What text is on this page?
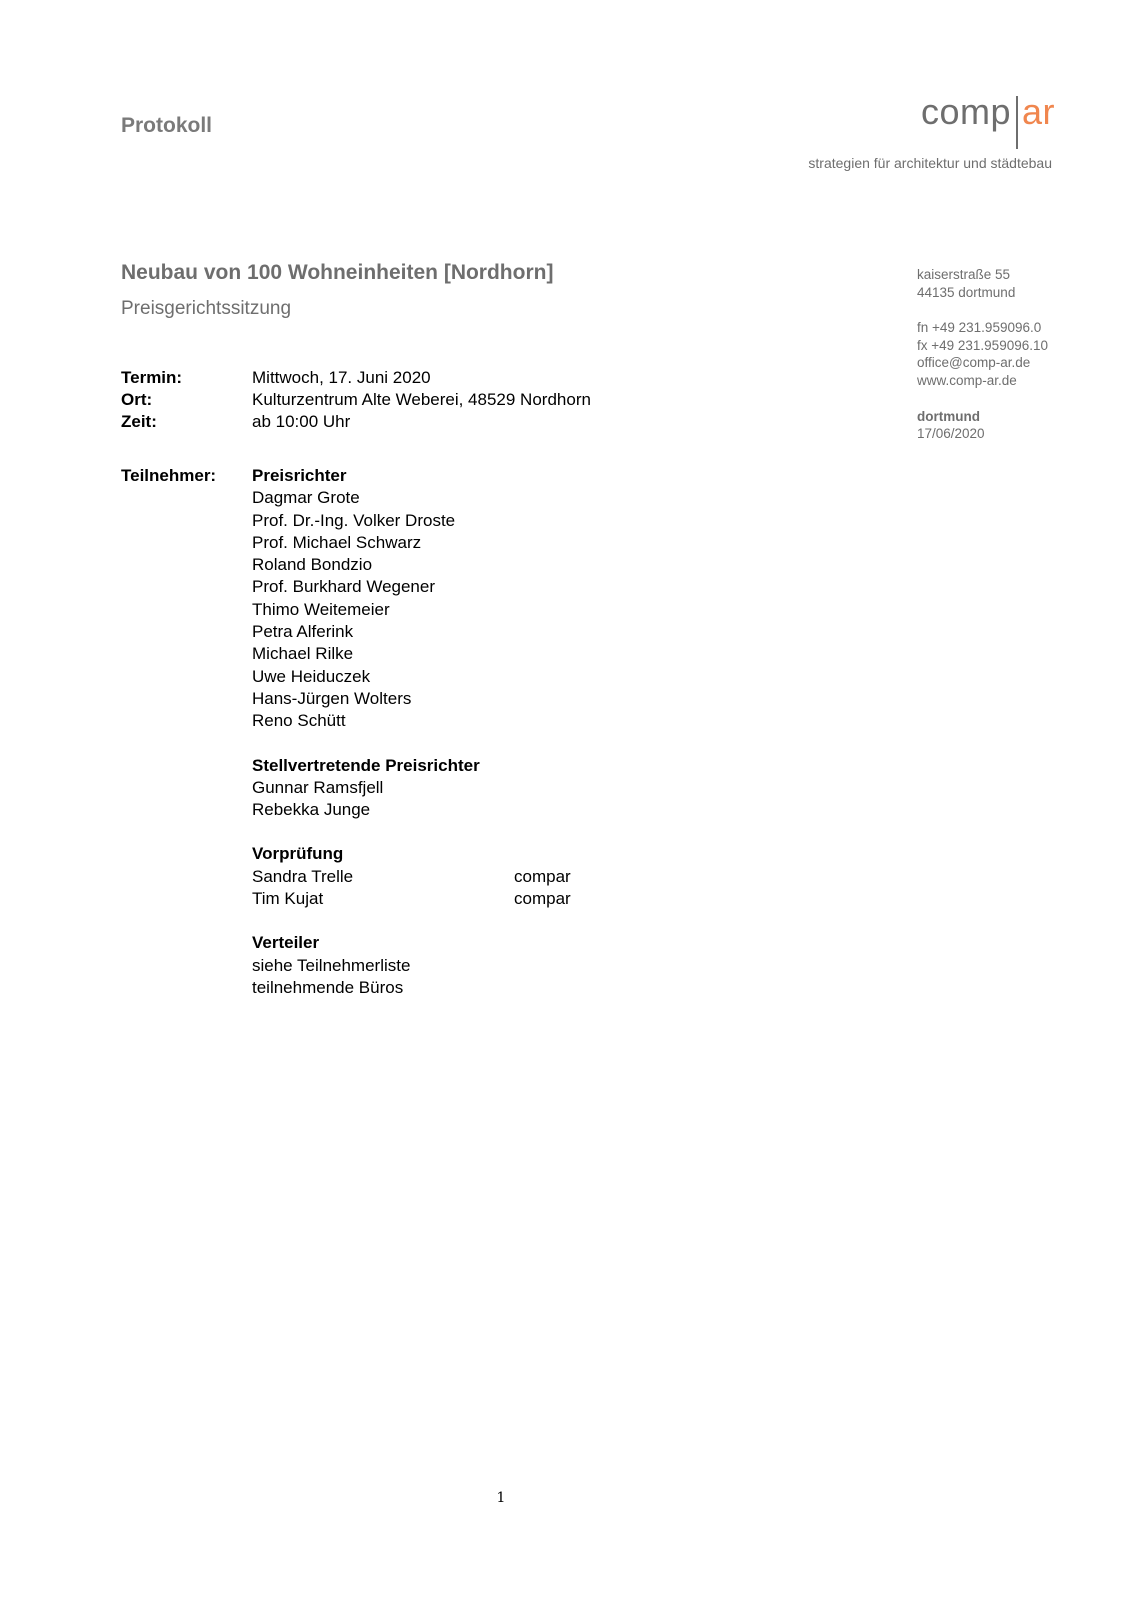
Protokoll	comp ar
strategien für architektur und städtebau
Neubau von 100 Wohneinheiten [Nordhorn]
Preisgerichtssitzung
Termin:	Mittwoch, 17. Juni 2020
Ort:	Kulturzentrum Alte Weberei, 48529 Nordhorn
Zeit:	ab 10:00 Uhr
Teilnehmer:	Preisrichter
Dagmar Grote
Prof. Dr.-Ing. Volker Droste
Prof. Michael Schwarz
Roland Bondzio
Prof. Burkhard Wegener
Thimo Weitemeier
Petra Alferink
Michael Rilke
Uwe Heiduczek
Hans-Jürgen Wolters
Reno Schütt
Stellvertretende Preisrichter
Gunnar Ramsfjell
Rebekka Junge
Vorprüfung
Sandra Trelle	compar
Tim Kujat	compar
Verteiler
siehe Teilnehmerliste
teilnehmende Büros
kaiserstraße 55
44135 dortmund
fn +49 231.959096.0
fx +49 231.959096.10
office@comp-ar.de
www.comp-ar.de
dortmund
17/06/2020
1
